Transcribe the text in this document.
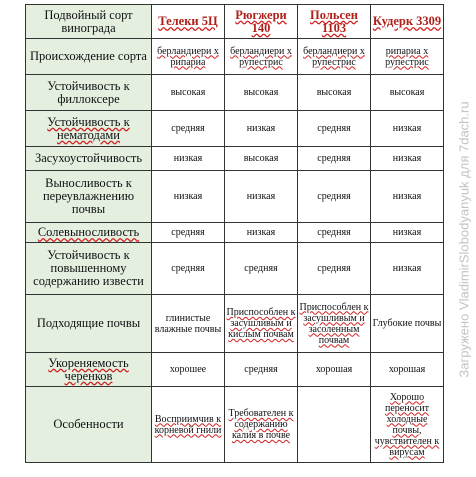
Подвойный сорт винограда	Телеки 5Ц	Рюгжери 140	Польсен 1103	Кудерк 3309
Происхождение сорта	берландиери х рипариа	берландиери х рупестрис	берландиери х рупестрис	рипариа х рупестрис
Устойчивость к филлоксере	высокая	высокая	высокая	высокая
Устойчивость к нематодами	средняя	низкая	средняя	низкая
Засухоустойчивость	низкая	высокая	средняя	низкая
Выносливость к переувлажнению почвы	низкая	низкая	средняя	низкая
Солевыносливость	средняя	низкая	средняя	низкая
Устойчивость к повышенному содержанию извести	средняя	средняя	средняя	низкая
Подходящие почвы	глинистые влажные почвы	Приспособлен к засушливым и кислым почвам	Приспособлен к засушливым и засоленным почвам	Глубокие почвы
Укореняемость черенков	хорошее	средняя	хорошая	хорошая
Особенности	Восприимчив к корневой гнили	Требователен к содержанию калия в почве		Хорошо переносит холодные почвы, чувствителен к вирусам
Загружено VladimirSlobodyanyuk для 7dach.ru
